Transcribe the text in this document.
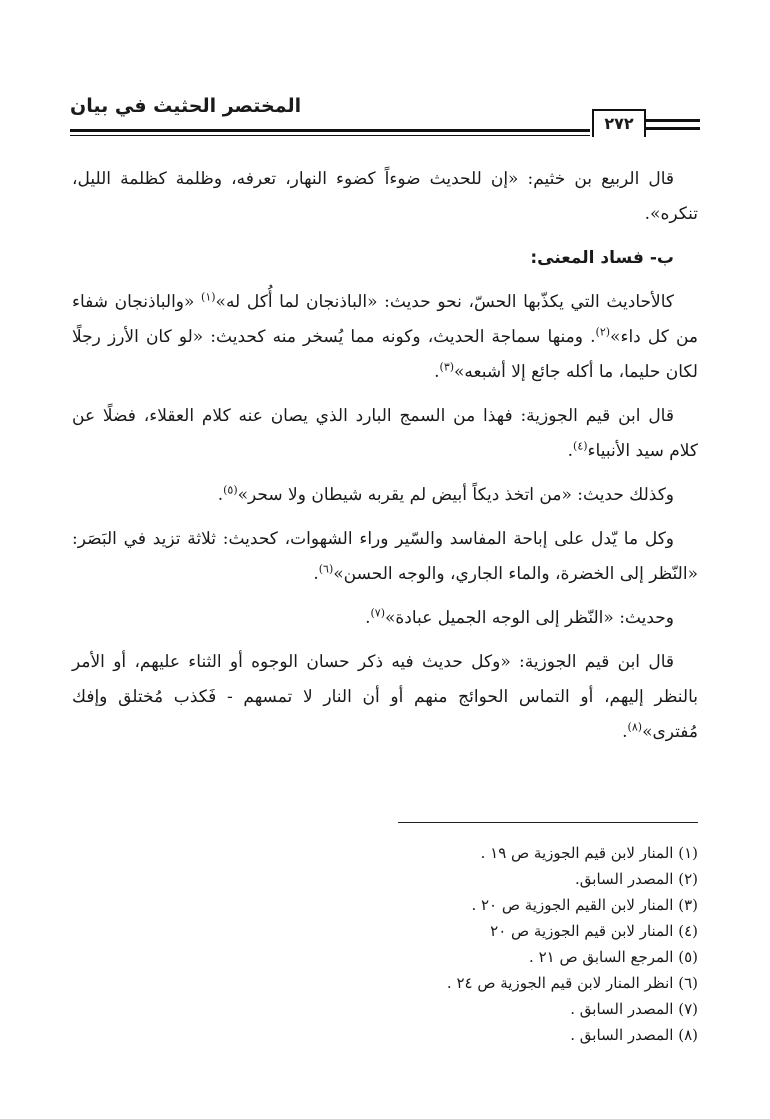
المختصر الحثيث في بيان
٢٧٢

قال الربيع بن خثيم: «إن للحديث ضوءاً كضوء النهار، تعرفه، وظلمة كظلمة الليل، تنكره».

ب- فساد المعنى:

كالأحاديث التي يكذّبها الحسّ، نحو حديث: «الباذنجان لما أُكل له»$^{(١)}$ «والباذنجان شفاء من كل داء»$^{(٢)}$. ومنها سماجة الحديث، وكونه مما يُسخر منه كحديث: «لو كان الأرز رجلًا لكان حليما، ما أكله جائع إلا أشبعه»$^{(٣)}$.

قال ابن قيم الجوزية: فهذا من السمج البارد الذي يصان عنه كلام العقلاء، فضلًا عن كلام سيد الأنبياء$^{(٤)}$.

وكذلك حديث: «من اتخذ ديكاً أبيض لم يقربه شيطان ولا سحر»$^{(٥)}$.

وكل ما يّدل على إباحة المفاسد والسّير وراء الشهوات، كحديث: ثلاثة تزيد في البَصَر: «النّظر إلى الخضرة، والماء الجاري، والوجه الحسن»$^{(٦)}$.

وحديث: «النّظر إلى الوجه الجميل عبادة»$^{(٧)}$.

قال ابن قيم الجوزية: «وكل حديث فيه ذكر حسان الوجوه أو الثناء عليهم، أو الأمر بالنظر إليهم، أو التماس الحوائج منهم أو أن النار لا تمسهم - فَكذب مُختلق وإفك مُفترى»$^{(٨)}$.

(١) المنار لابن قيم الجوزية ص ١٩ .
(٢) المصدر السابق.
(٣) المنار لابن القيم الجوزية ص ٢٠ .
(٤) المنار لابن قيم الجوزية ص ٢٠
(٥) المرجع السابق ص ٢١ .
(٦) انظر المنار لابن قيم الجوزية ص ٢٤ .
(٧) المصدر السابق .
(٨) المصدر السابق .
